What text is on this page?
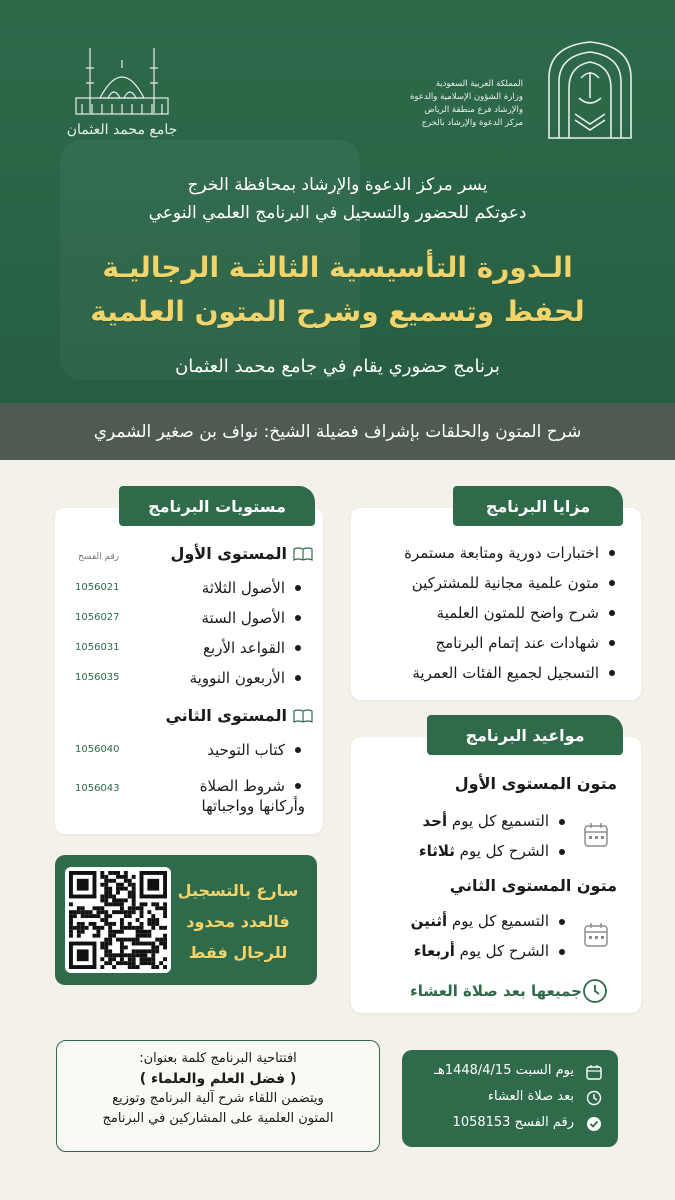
جامع محمد العثمان
المملكة العربية السعودية
وزارة الشؤون الإسلامية والدعوة
والإرشاد فرع منطقة الرياض
مركز الدعوة والإرشاد بالخرج
يسر مركز الدعوة والإرشاد بمحافظة الخرج
دعوتكم للحضور والتسجيل في البرنامج العلمي النوعي
الـدورة التأسيسية الثالثـة الرجاليـة
لحفظ وتسميع وشرح المتون العلمية
برنامج حضوري يقام في جامع محمد العثمان
شرح المتون والحلقات بإشراف فضيلة الشيخ: نواف بن صغير الشمري
مزايا البرنامج
اختبارات دورية ومتابعة مستمرة
متون علمية مجانية للمشتركين
شرح واضح للمتون العلمية
شهادات عند إتمام البرنامج
التسجيل لجميع الفئات العمرية
مستويات البرنامج
رقم الفسح	المستوى الأول
الأصول الثلاثة
الأصول الستة
القواعد الأربع
الأربعون النووية
1056021
1056027
1056031
1056035
المستوى الثاني
كتاب التوحيد
شروط الصلاة
وأركانها وواجباتها
1056040
1056043
مواعيد البرنامج
متون المستوى الأول
التسميع كل يوم أحد
الشرح كل يوم ثلاثاء
متون المستوى الثاني
التسميع كل يوم أثنين
الشرح كل يوم أربعاء
جميعها بعد صلاة العشاء
سارع بالتسجيل
فالعدد محدود
للرجال فقط
افتتاحية البرنامج كلمة بعنوان:
( فضل العلم والعلماء )
ويتضمن اللقاء شرح آلية البرنامج وتوزيع
المتون العلمية على المشاركين في البرنامج
يوم السبت 1448/4/15هـ
بعد صلاة العشاء
رقم الفسح 1058153
